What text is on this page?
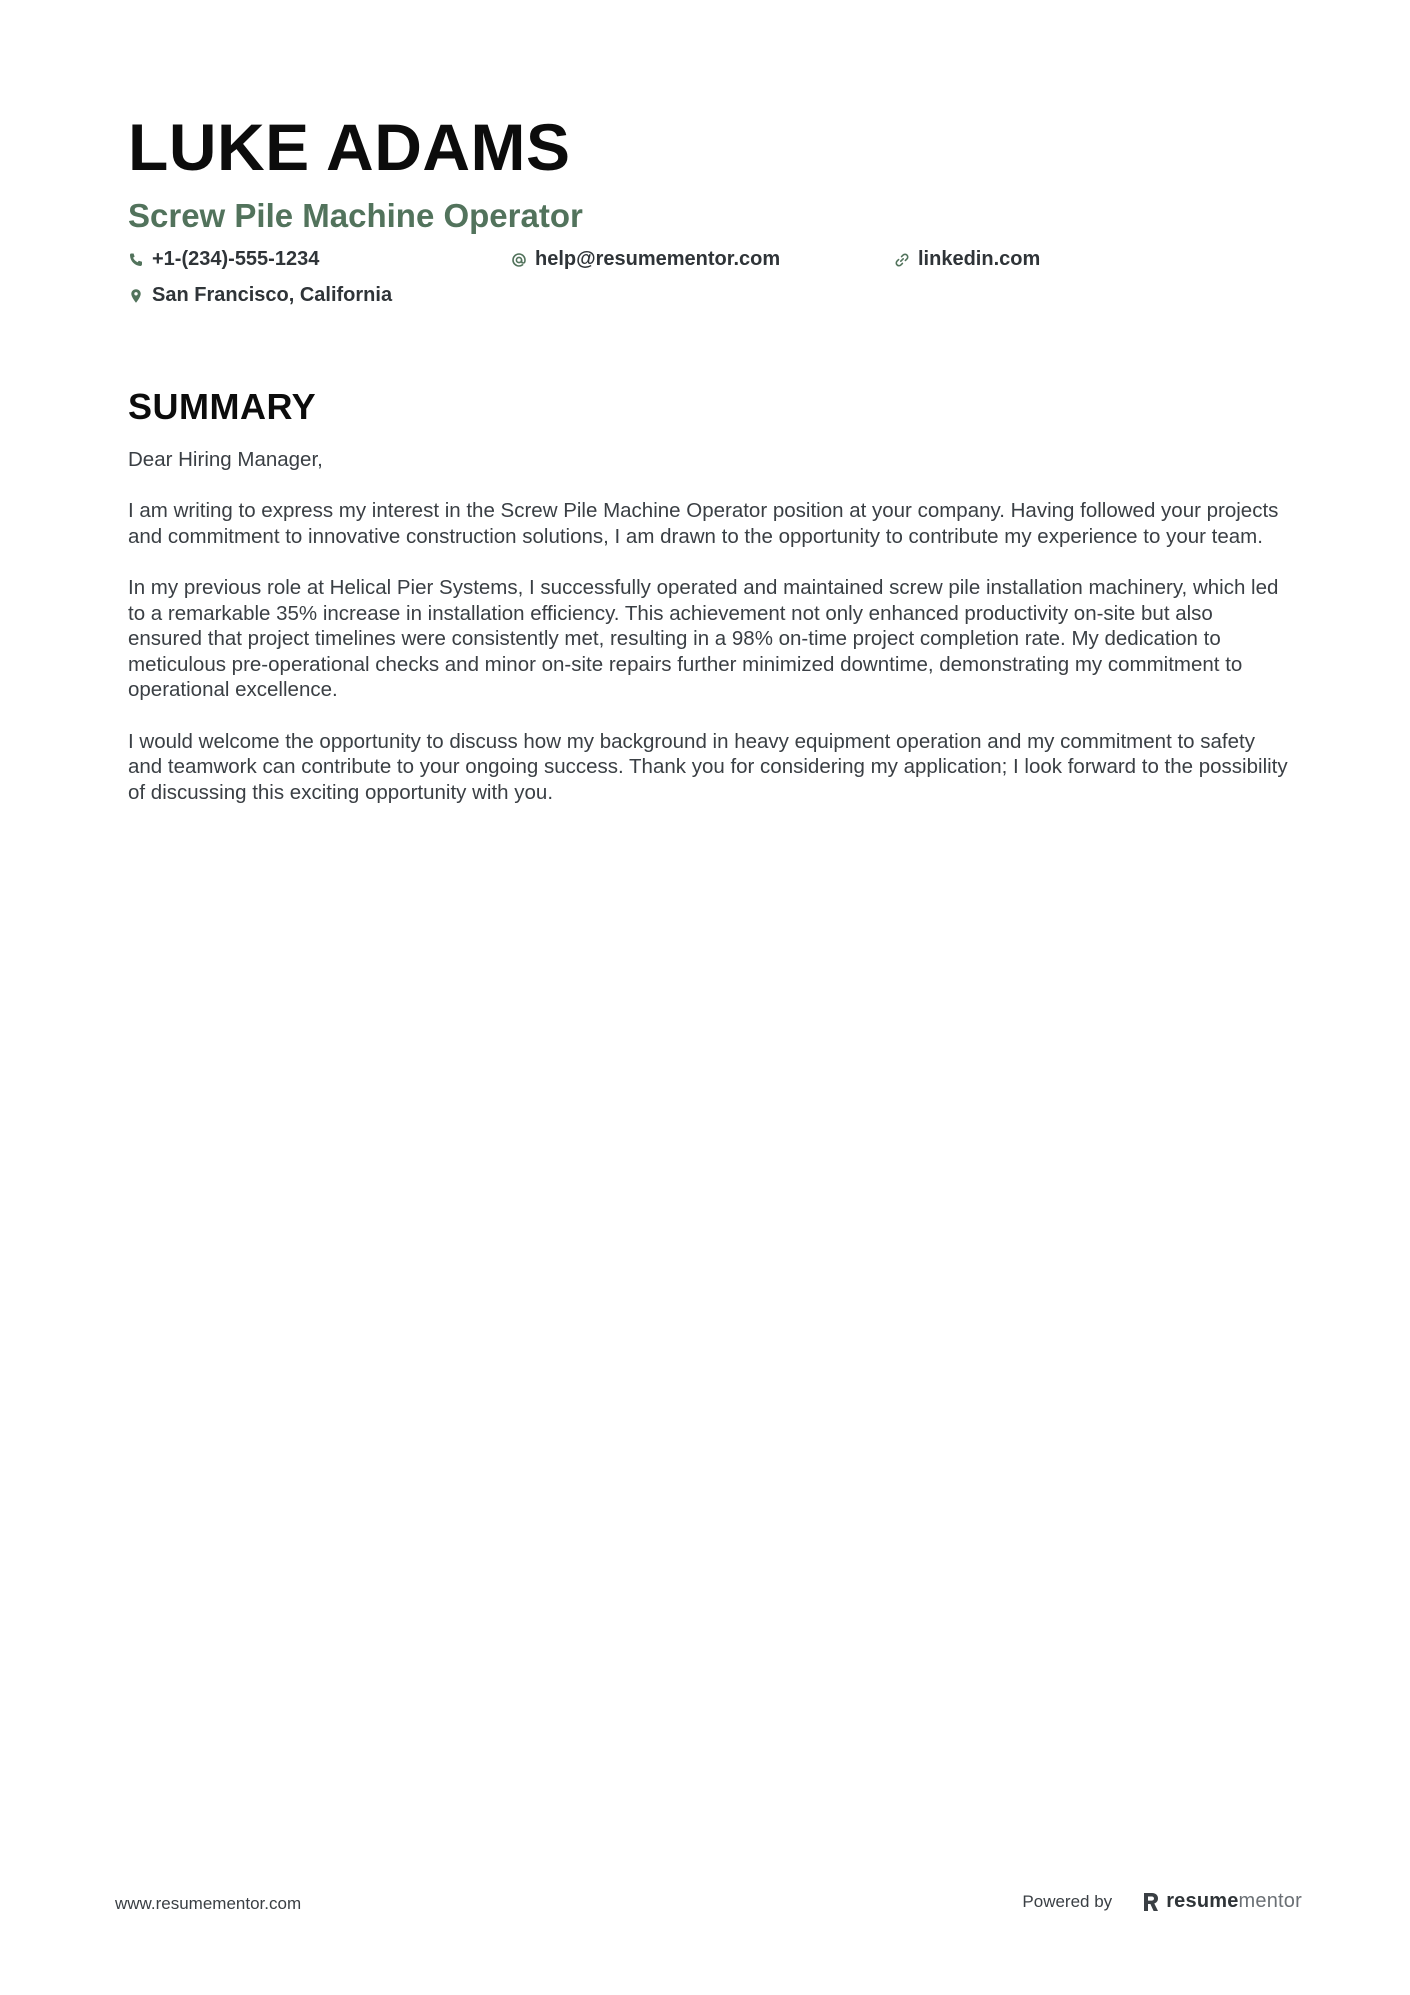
LUKE ADAMS
Screw Pile Machine Operator
+1-(234)-555-1234	help@resumementor.com	linkedin.com
San Francisco, California
SUMMARY

Dear Hiring Manager,

I am writing to express my interest in the Screw Pile Machine Operator position at your company. Having followed your projects and commitment to innovative construction solutions, I am drawn to the opportunity to contribute my experience to your team.

In my previous role at Helical Pier Systems, I successfully operated and maintained screw pile installation machinery, which led to a remarkable 35% increase in installation efficiency. This achievement not only enhanced productivity on-site but also ensured that project timelines were consistently met, resulting in a 98% on-time project completion rate. My dedication to meticulous pre-operational checks and minor on-site repairs further minimized downtime, demonstrating my commitment to operational excellence.

I would welcome the opportunity to discuss how my background in heavy equipment operation and my commitment to safety and teamwork can contribute to your ongoing success. Thank you for considering my application; I look forward to the possibility of discussing this exciting opportunity with you.

www.resumementor.com	Powered by	resumementor
